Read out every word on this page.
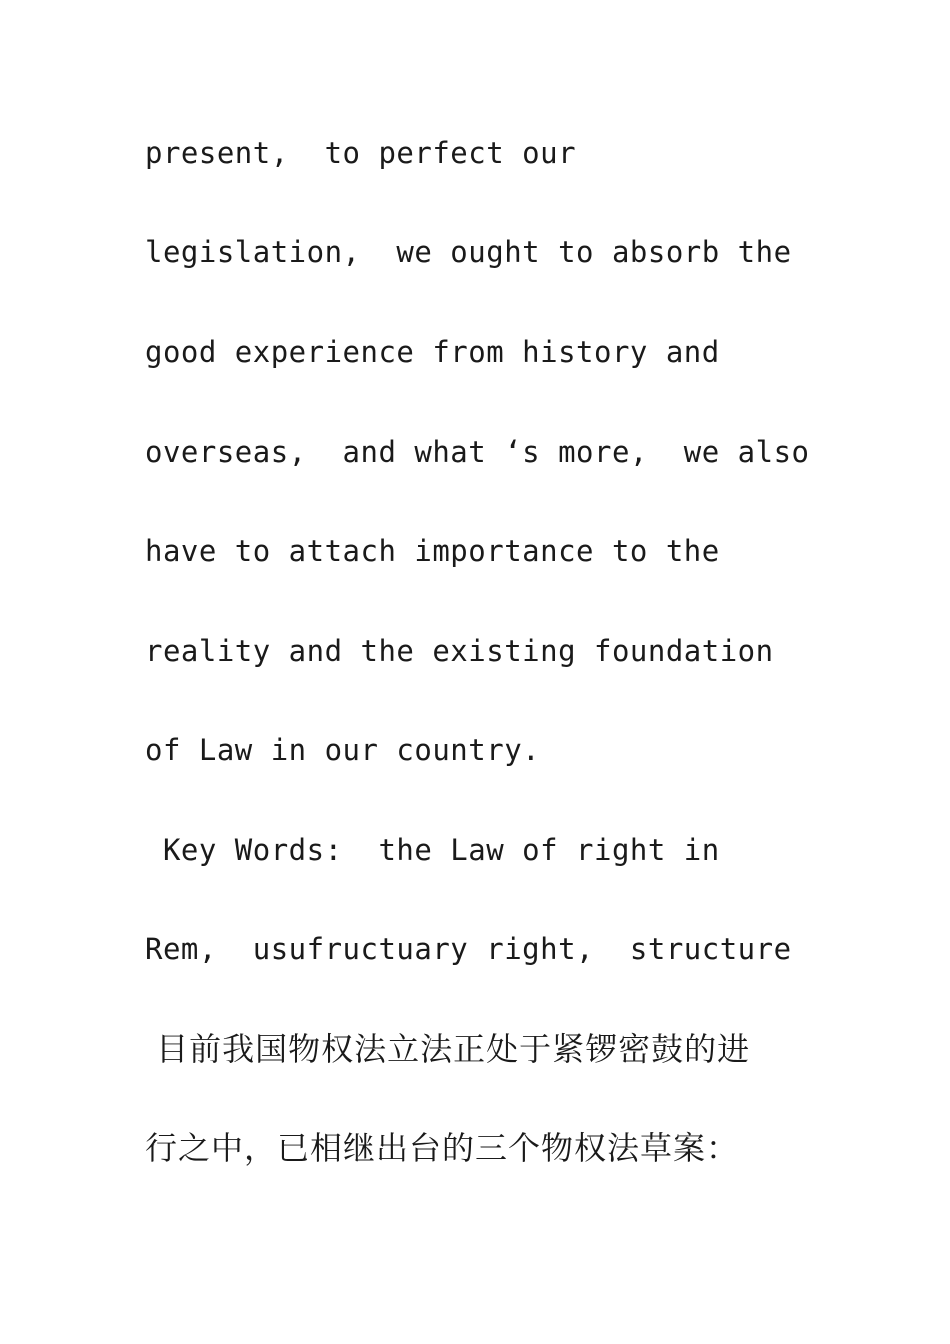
present,  to perfect our
legislation,  we ought to absorb the
good experience from history and
overseas,  and what ‘s more,  we also
have to attach importance to the
reality and the existing foundation
of Law in our country.
Key Words:  the Law of right in
Rem,  usufructuary right,  structure
目前我国物权法立法正处于紧锣密鼓的进
行之中，已相继出台的三个物权法草案：
